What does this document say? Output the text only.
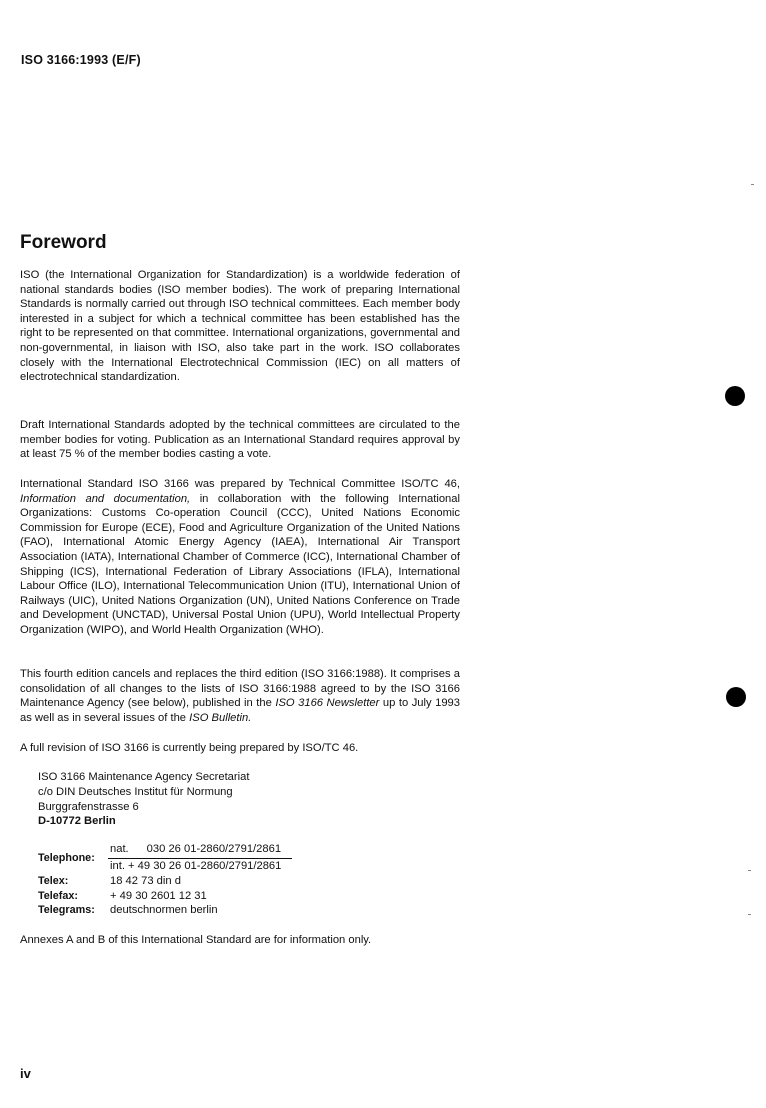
ISO 3166:1993 (E/F)
Foreword

ISO (the International Organization for Standardization) is a worldwide federation of national standards bodies (ISO member bodies). The work of preparing International Standards is normally carried out through ISO technical committees. Each member body interested in a subject for which a technical committee has been established has the right to be represented on that committee. International organizations, governmental and non-governmental, in liaison with ISO, also take part in the work. ISO collaborates closely with the International Electrotechnical Commission (IEC) on all matters of electrotechnical standardization.

Draft International Standards adopted by the technical committees are circulated to the member bodies for voting. Publication as an International Standard requires approval by at least 75 % of the member bodies casting a vote.

International Standard ISO 3166 was prepared by Technical Committee ISO/TC 46, Information and documentation, in collaboration with the following International Organizations: Customs Co-operation Council (CCC), United Nations Economic Commission for Europe (ECE), Food and Agriculture Organization of the United Nations (FAO), International Atomic Energy Agency (IAEA), International Air Transport Association (IATA), International Chamber of Commerce (ICC), International Chamber of Shipping (ICS), International Federation of Library Associations (IFLA), International Labour Office (ILO), International Telecommunication Union (ITU), International Union of Railways (UIC), United Nations Organization (UN), United Nations Conference on Trade and Development (UNCTAD), Universal Postal Union (UPU), World Intellectual Property Organization (WIPO), and World Health Organization (WHO).

This fourth edition cancels and replaces the third edition (ISO 3166:1988). It comprises a consolidation of all changes to the lists of ISO 3166:1988 agreed to by the ISO 3166 Maintenance Agency (see below), published in the ISO 3166 Newsletter up to July 1993 as well as in several issues of the ISO Bulletin.

A full revision of ISO 3166 is currently being prepared by ISO/TC 46.

ISO 3166 Maintenance Agency Secretariat
c/o DIN Deutsches Institut für Normung
Burggrafenstrasse 6
D-10772 Berlin
Telephone:
nat. 030 26 01-2860/2791/2861
int. + 49 30 26 01-2860/2791/2861
Telex:	18 42 73 din d
Telefax:	+ 49 30 2601 12 31
Telegrams:	deutschnormen berlin
Annexes A and B of this International Standard are for information only.
iv
